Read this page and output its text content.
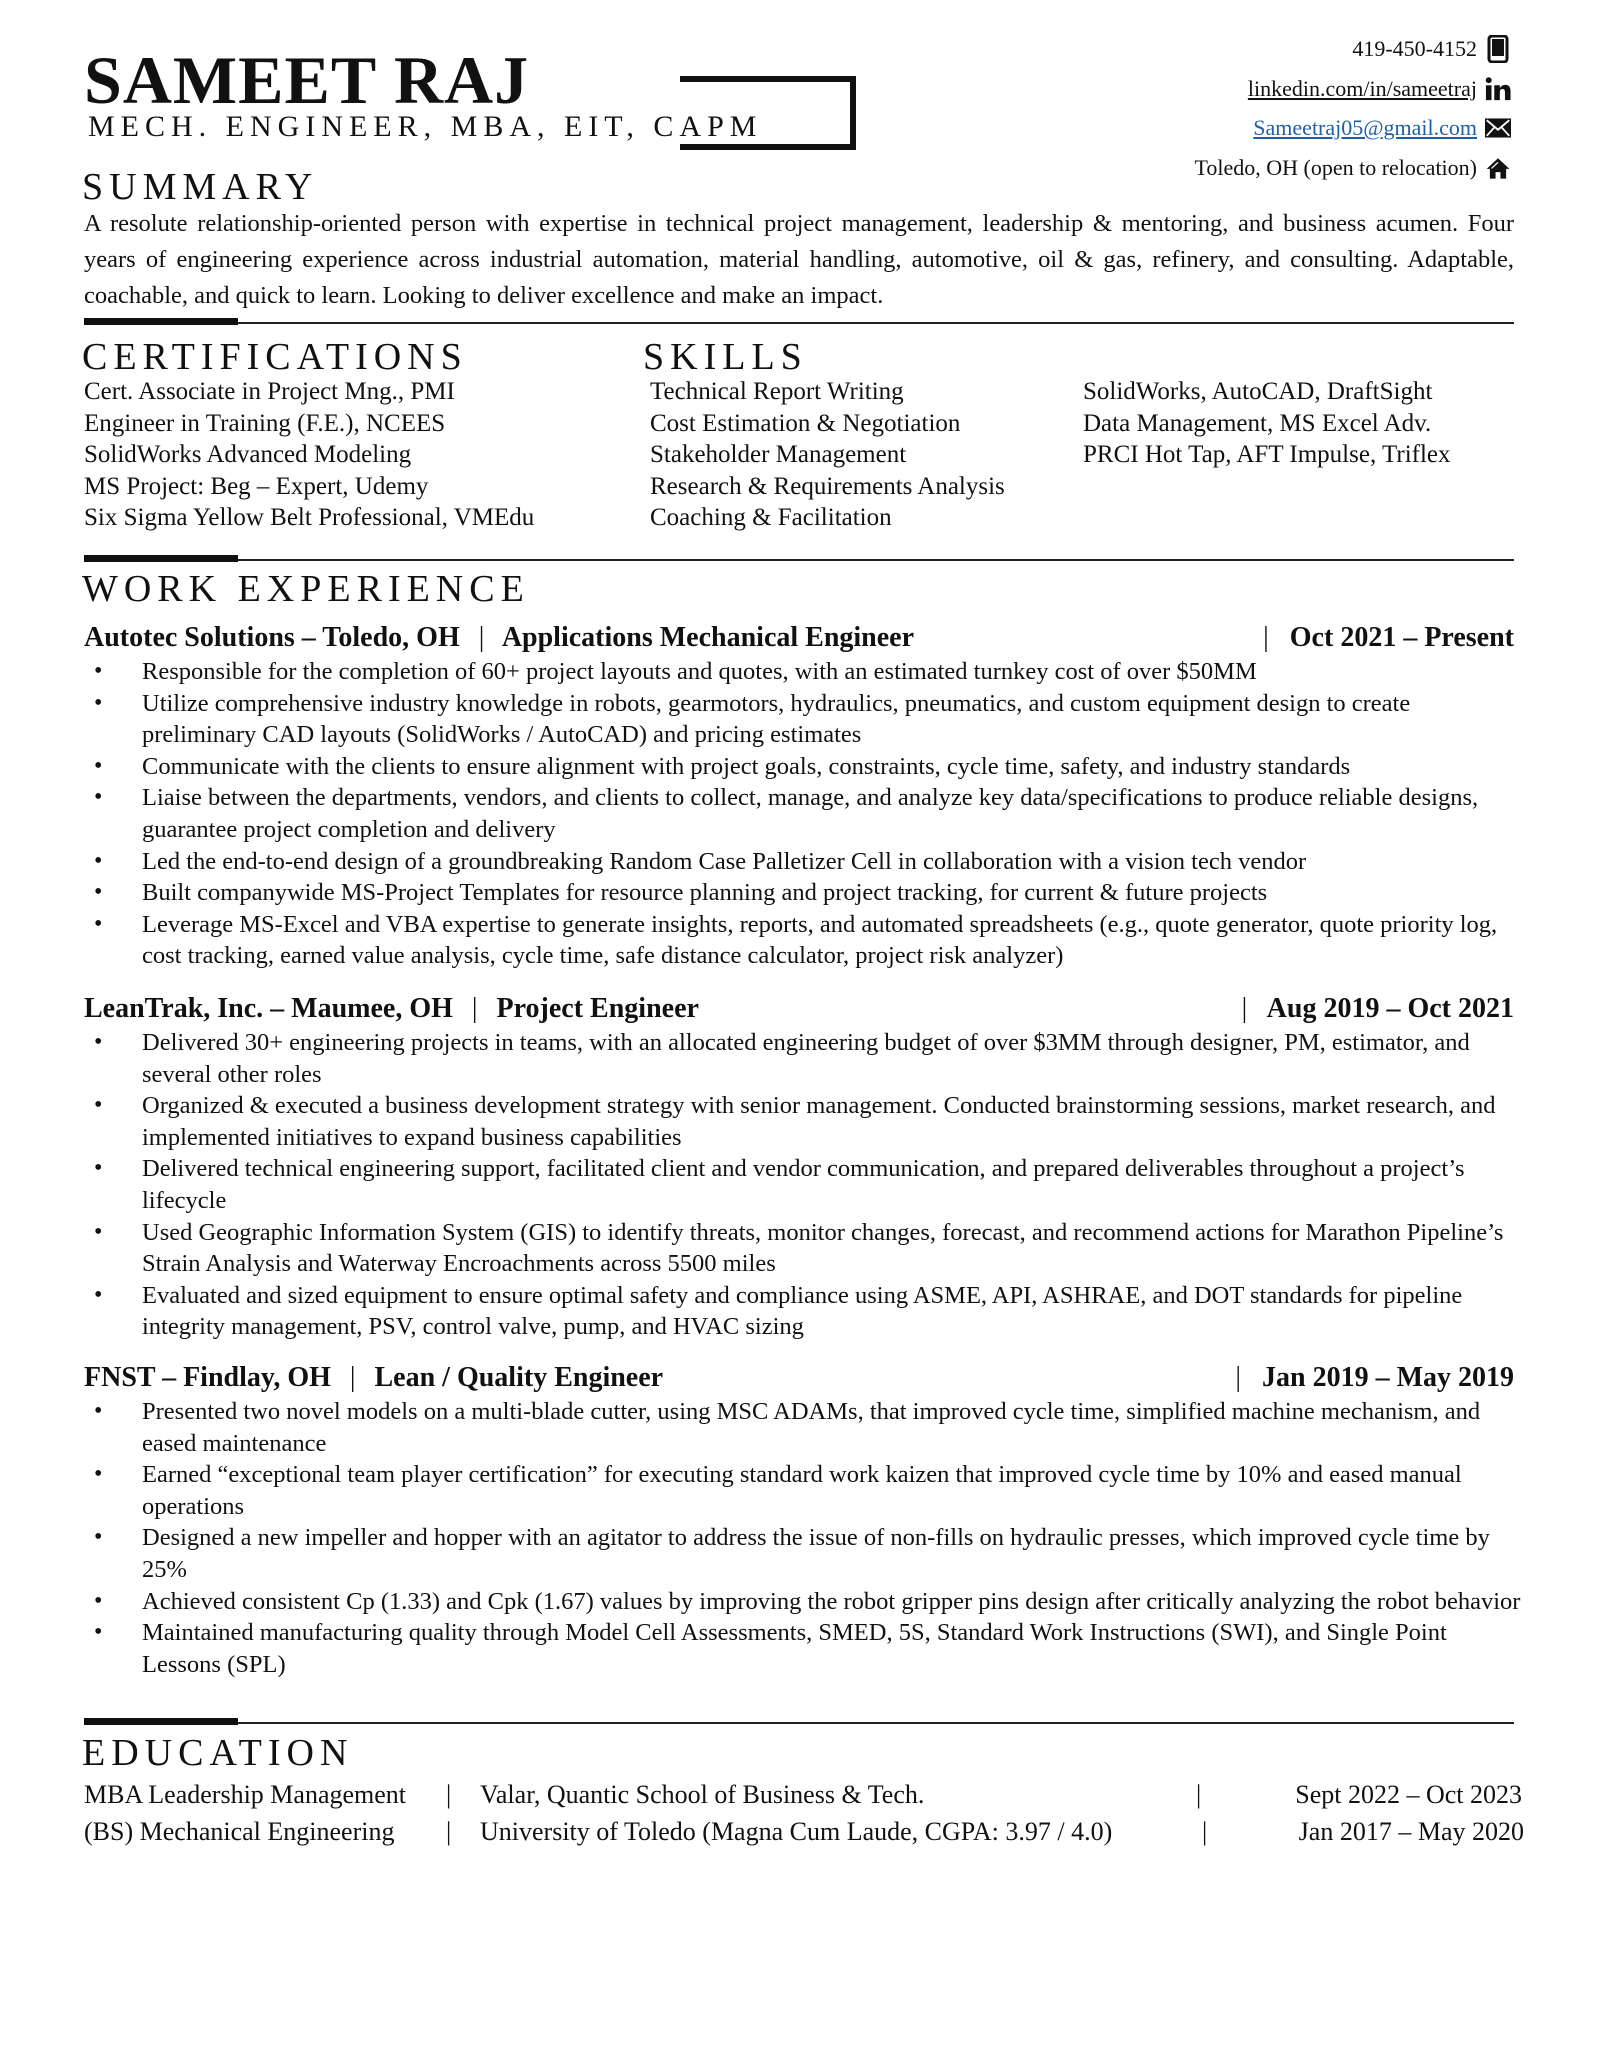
SAMEET RAJ
MECH. ENGINEER, MBA, EIT, CAPM
419-450-4152
linkedin.com/in/sameetraj
Sameetraj05@gmail.com
Toledo, OH (open to relocation)
SUMMARY
A resolute relationship-oriented person with expertise in technical project management, leadership & mentoring, and business acumen. Four years of engineering experience across industrial automation, material handling, automotive, oil & gas, refinery, and consulting. Adaptable, coachable, and quick to learn. Looking to deliver excellence and make an impact.
CERTIFICATIONS
Cert. Associate in Project Mng., PMI
Engineer in Training (F.E.), NCEES
SolidWorks Advanced Modeling
MS Project: Beg – Expert, Udemy
Six Sigma Yellow Belt Professional, VMEdu
SKILLS
Technical Report Writing
Cost Estimation & Negotiation
Stakeholder Management
Research & Requirements Analysis
Coaching & Facilitation
SolidWorks, AutoCAD, DraftSight
Data Management, MS Excel Adv.
PRCI Hot Tap, AFT Impulse, Triflex
WORK EXPERIENCE
Autotec Solutions – Toledo, OH | Applications Mechanical Engineer	| Oct 2021 – Present
• Responsible for the completion of 60+ project layouts and quotes, with an estimated turnkey cost of over $50MM
• Utilize comprehensive industry knowledge in robots, gearmotors, hydraulics, pneumatics, and custom equipment design to create preliminary CAD layouts (SolidWorks / AutoCAD) and pricing estimates
• Communicate with the clients to ensure alignment with project goals, constraints, cycle time, safety, and industry standards
• Liaise between the departments, vendors, and clients to collect, manage, and analyze key data/specifications to produce reliable designs, guarantee project completion and delivery
• Led the end-to-end design of a groundbreaking Random Case Palletizer Cell in collaboration with a vision tech vendor
• Built companywide MS-Project Templates for resource planning and project tracking, for current & future projects
• Leverage MS-Excel and VBA expertise to generate insights, reports, and automated spreadsheets (e.g., quote generator, quote priority log, cost tracking, earned value analysis, cycle time, safe distance calculator, project risk analyzer)
LeanTrak, Inc. – Maumee, OH | Project Engineer	| Aug 2019 – Oct 2021
• Delivered 30+ engineering projects in teams, with an allocated engineering budget of over $3MM through designer, PM, estimator, and several other roles
• Organized & executed a business development strategy with senior management. Conducted brainstorming sessions, market research, and implemented initiatives to expand business capabilities
• Delivered technical engineering support, facilitated client and vendor communication, and prepared deliverables throughout a project’s lifecycle
• Used Geographic Information System (GIS) to identify threats, monitor changes, forecast, and recommend actions for Marathon Pipeline’s Strain Analysis and Waterway Encroachments across 5500 miles
• Evaluated and sized equipment to ensure optimal safety and compliance using ASME, API, ASHRAE, and DOT standards for pipeline integrity management, PSV, control valve, pump, and HVAC sizing
FNST – Findlay, OH | Lean / Quality Engineer	| Jan 2019 – May 2019
• Presented two novel models on a multi-blade cutter, using MSC ADAMs, that improved cycle time, simplified machine mechanism, and eased maintenance
• Earned “exceptional team player certification” for executing standard work kaizen that improved cycle time by 10% and eased manual operations
• Designed a new impeller and hopper with an agitator to address the issue of non-fills on hydraulic presses, which improved cycle time by 25%
• Achieved consistent Cp (1.33) and Cpk (1.67) values by improving the robot gripper pins design after critically analyzing the robot behavior
• Maintained manufacturing quality through Model Cell Assessments, SMED, 5S, Standard Work Instructions (SWI), and Single Point Lessons (SPL)
EDUCATION
MBA Leadership Management | Valar, Quantic School of Business & Tech.	|	Sept 2022 – Oct 2023
(BS) Mechanical Engineering | University of Toledo (Magna Cum Laude, CGPA: 3.97 / 4.0)	|	Jan 2017 – May 2020
